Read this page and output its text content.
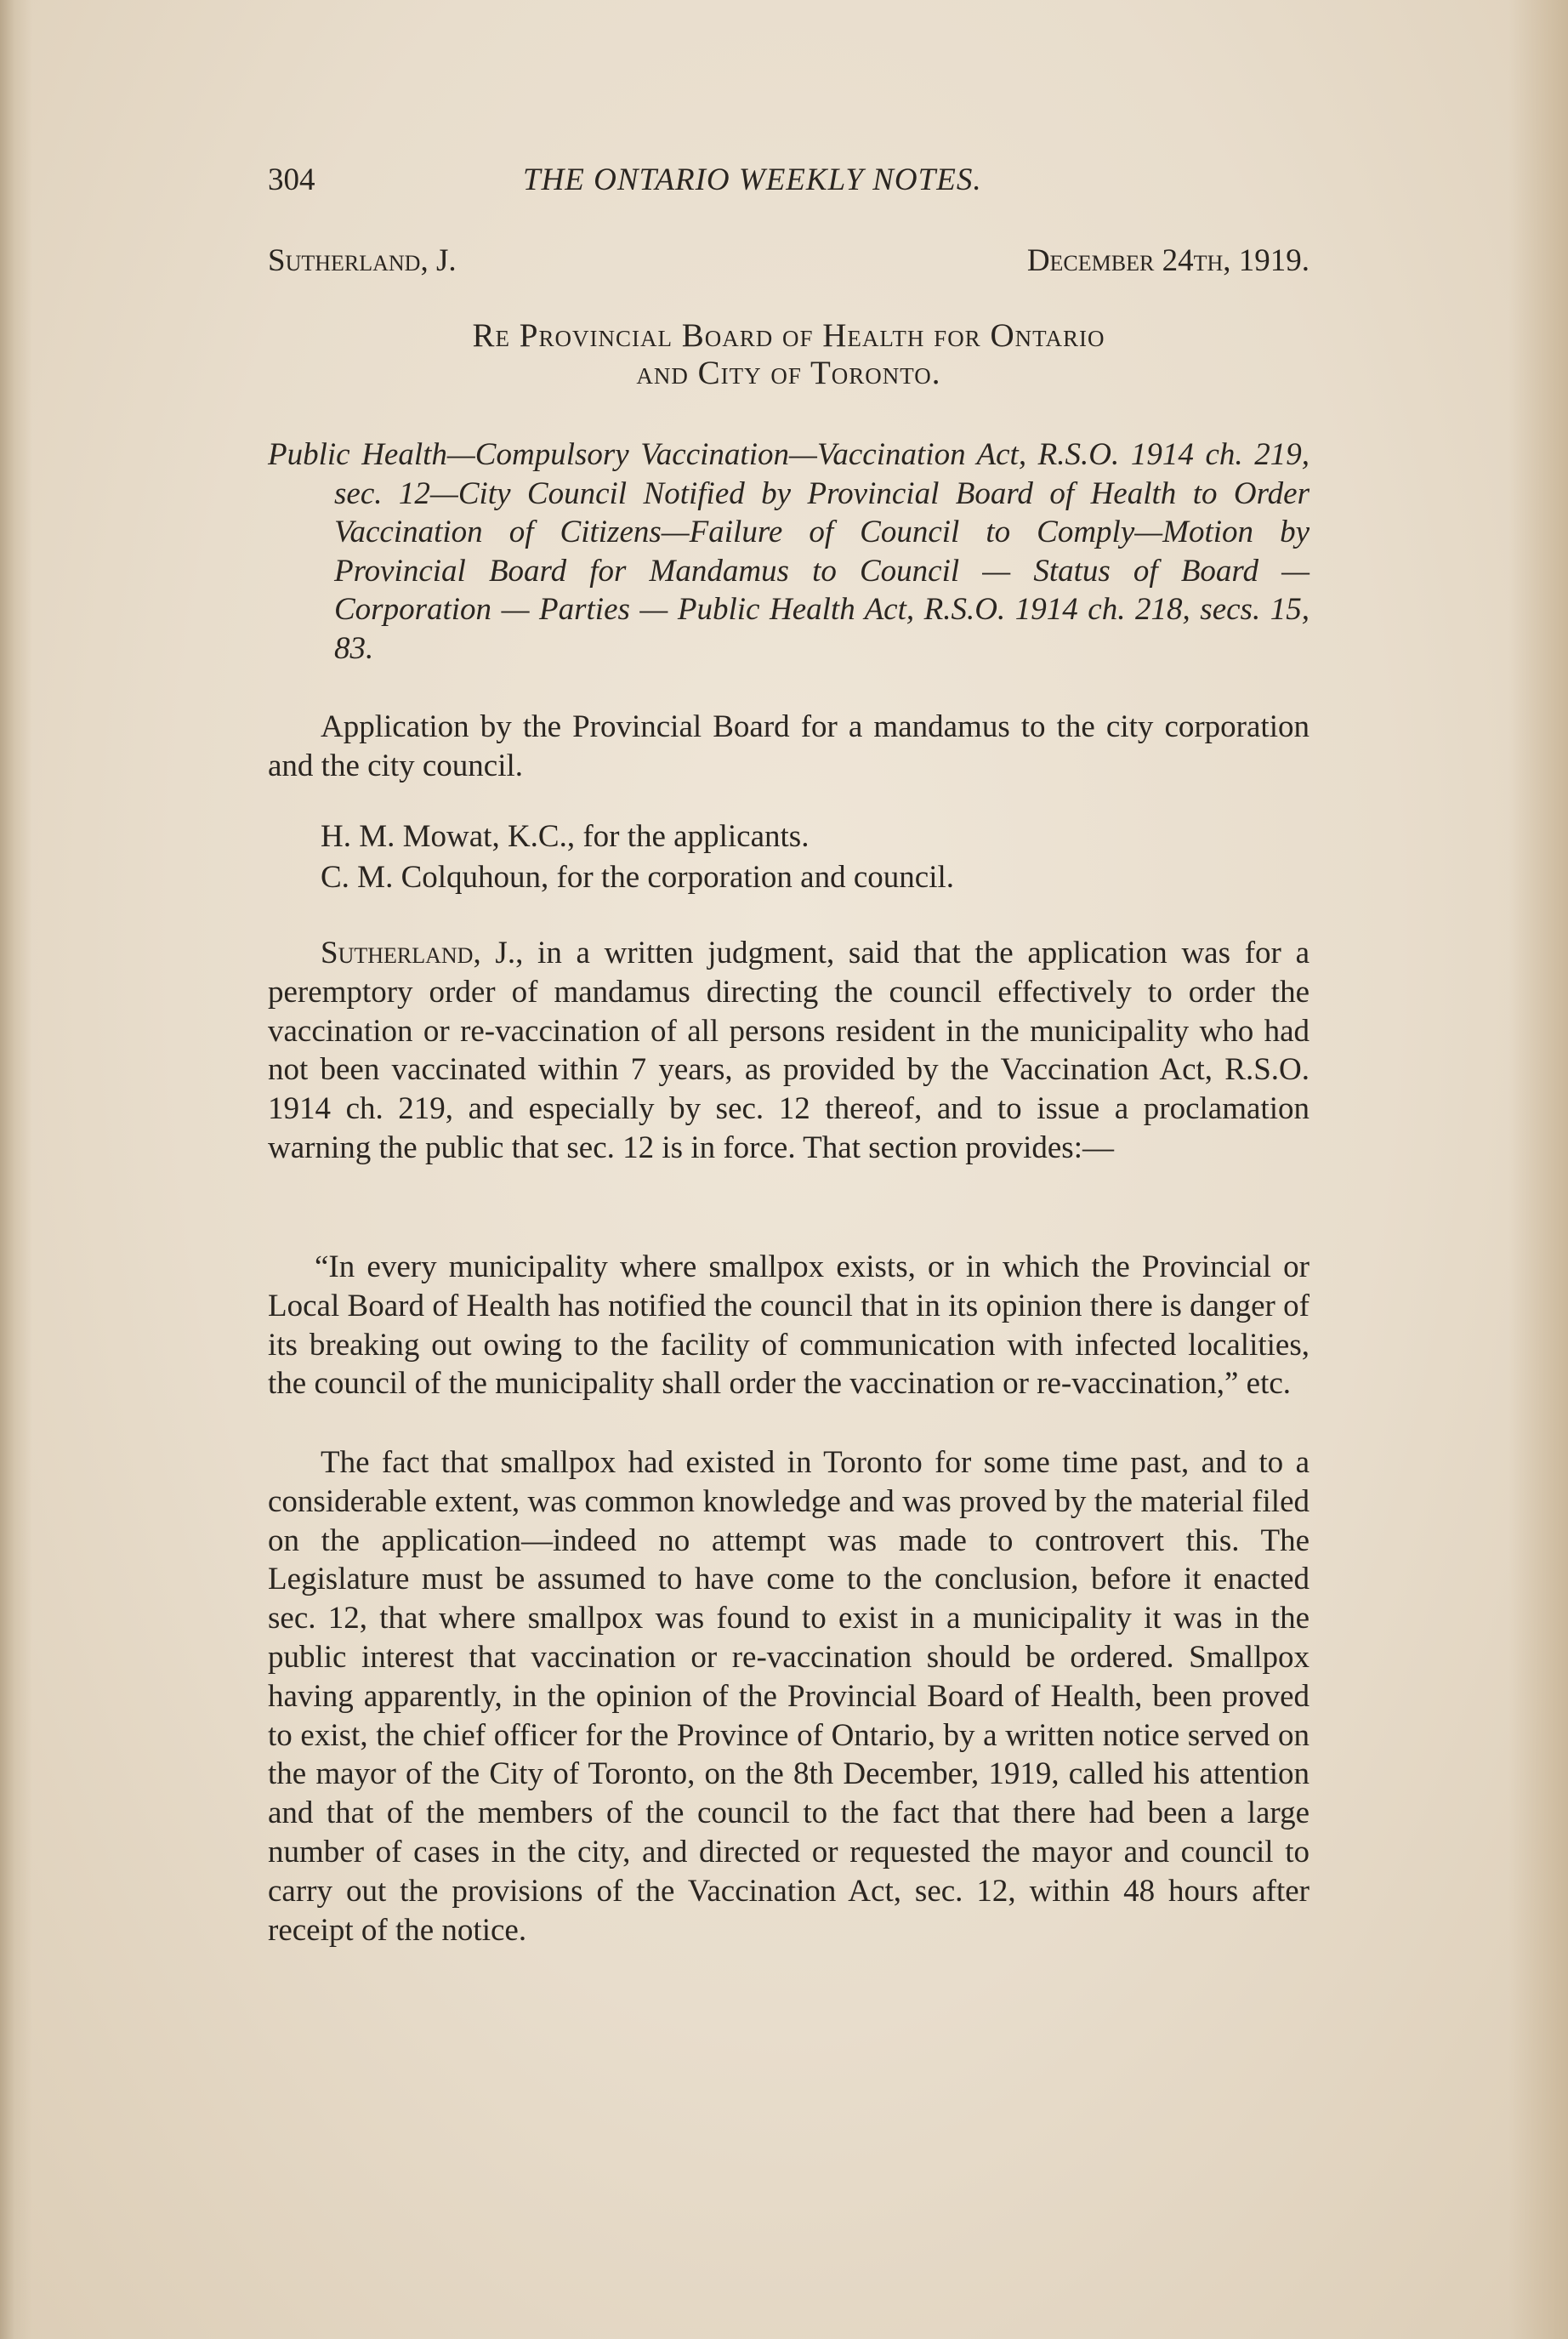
304	THE ONTARIO WEEKLY NOTES.
Sutherland, J.	December 24th, 1919.
Re Provincial Board of Health for Ontario
and City of Toronto.

Public Health—Compulsory Vaccination—Vaccination Act, R.S.O. 1914 ch. 219, sec. 12—City Council Notified by Provincial Board of Health to Order Vaccination of Citizens—Failure of Council to Comply—Motion by Provincial Board for Mandamus to Council — Status of Board — Corporation — Parties — Public Health Act, R.S.O. 1914 ch. 218, secs. 15, 83.

Application by the Provincial Board for a mandamus to the city corporation and the city council.

H. M. Mowat, K.C., for the applicants.
C. M. Colquhoun, for the corporation and council.

Sutherland, J., in a written judgment, said that the application was for a peremptory order of mandamus directing the council effectively to order the vaccination or re-vaccination of all persons resident in the municipality who had not been vaccinated within 7 years, as provided by the Vaccination Act, R.S.O. 1914 ch. 219, and especially by sec. 12 thereof, and to issue a proclamation warning the public that sec. 12 is in force. That section provides:—

“In every municipality where smallpox exists, or in which the Provincial or Local Board of Health has notified the council that in its opinion there is danger of its breaking out owing to the facility of communication with infected localities, the council of the municipality shall order the vaccination or re-vaccination,” etc.

The fact that smallpox had existed in Toronto for some time past, and to a considerable extent, was common knowledge and was proved by the material filed on the application—indeed no attempt was made to controvert this. The Legislature must be assumed to have come to the conclusion, before it enacted sec. 12, that where smallpox was found to exist in a municipality it was in the public interest that vaccination or re-vaccination should be ordered. Smallpox having apparently, in the opinion of the Provincial Board of Health, been proved to exist, the chief officer for the Province of Ontario, by a written notice served on the mayor of the City of Toronto, on the 8th December, 1919, called his attention and that of the members of the council to the fact that there had been a large number of cases in the city, and directed or requested the mayor and council to carry out the provisions of the Vaccination Act, sec. 12, within 48 hours after receipt of the notice.
